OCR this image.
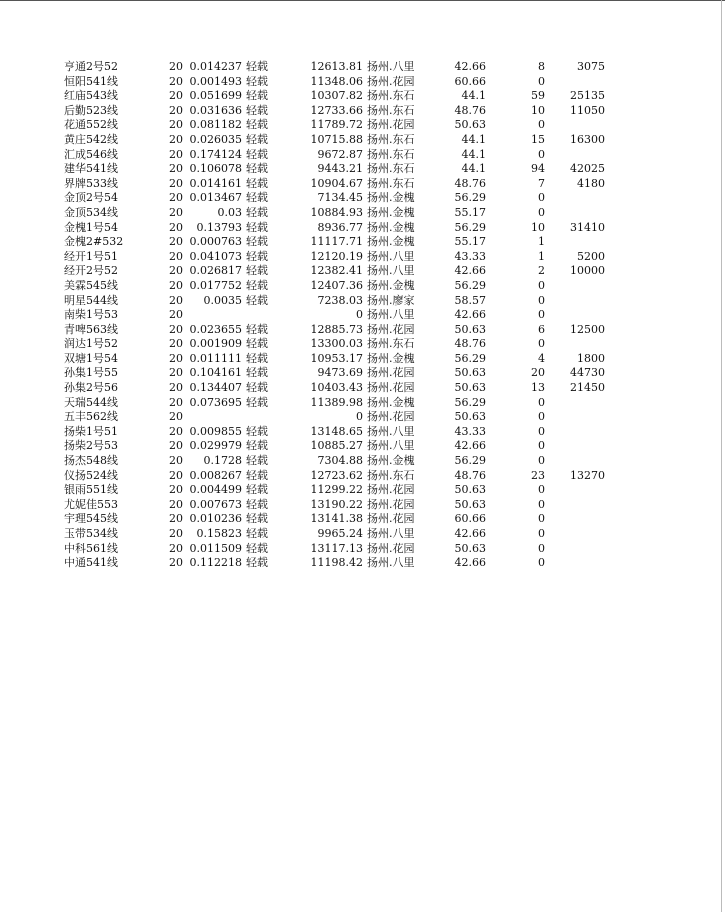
亨通2号52	20 0.014237 轻载	12613.81 扬州.八里	42.66	8	3075
恒阳541线	20 0.001493 轻载	11348.06 扬州.花园	60.66	0
红庙543线	20 0.051699 轻载	10307.82 扬州.东石	44.1	59	25135
后勤523线	20 0.031636 轻载	12733.66 扬州.东石	48.76	10	11050
花通552线	20 0.081182 轻载	11789.72 扬州.花园	50.63	0
黄庄542线	20 0.026035 轻载	10715.88 扬州.东石	44.1	15	16300
汇成546线	20 0.174124 轻载	9672.87 扬州.东石	44.1	0
建华541线	20 0.106078 轻载	9443.21 扬州.东石	44.1	94	42025
界牌533线	20 0.014161 轻载	10904.67 扬州.东石	48.76	7	4180
金顶2号54	20 0.013467 轻载	7134.45 扬州.金槐	56.29	0
金顶534线	20	0.03 轻载	10884.93 扬州.金槐	55.17	0
金槐1号54	20	0.13793 轻载	8936.77 扬州.金槐	56.29	10	31410
金槐2#532	20 0.000763 轻载	11117.71 扬州.金槐	55.17	1
经开1号51	20 0.041073 轻载	12120.19 扬州.八里	43.33	1	5200
经开2号52	20 0.026817 轻载	12382.41 扬州.八里	42.66	2	10000
美霖545线	20 0.017752 轻载	12407.36 扬州.金槐	56.29	0
明星544线	20	0.0035 轻载	7238.03 扬州.廖家	58.57	0
南柴1号53	20	0 扬州.八里	42.66	0
青啤563线	20 0.023655 轻载	12885.73 扬州.花园	50.63	6	12500
润达1号52	20 0.001909 轻载	13300.03 扬州.东石	48.76	0
双塘1号54	20 0.011111 轻载	10953.17 扬州.金槐	56.29	4	1800
孙集1号55	20 0.104161 轻载	9473.69 扬州.花园	50.63	20	44730
孙集2号56	20 0.134407 轻载	10403.43 扬州.花园	50.63	13	21450
天瑞544线	20 0.073695 轻载	11389.98 扬州.金槐	56.29	0
五丰562线	20	0 扬州.花园	50.63	0
扬柴1号51	20 0.009855 轻载	13148.65 扬州.八里	43.33	0
扬柴2号53	20 0.029979 轻载	10885.27 扬州.八里	42.66	0
扬杰548线	20	0.1728 轻载	7304.88 扬州.金槐	56.29	0
仪扬524线	20 0.008267 轻载	12723.62 扬州.东石	48.76	23	13270
银雨551线	20 0.004499 轻载	11299.22 扬州.花园	50.63	0
尤妮佳553	20 0.007673 轻载	13190.22 扬州.花园	50.63	0
宇理545线	20 0.010236 轻载	13141.38 扬州.花园	60.66	0
玉带534线	20	0.15823 轻载	9965.24 扬州.八里	42.66	0
中科561线	20 0.011509 轻载	13117.13 扬州.花园	50.63	0
中通541线	20 0.112218 轻载	11198.42 扬州.八里	42.66	0
